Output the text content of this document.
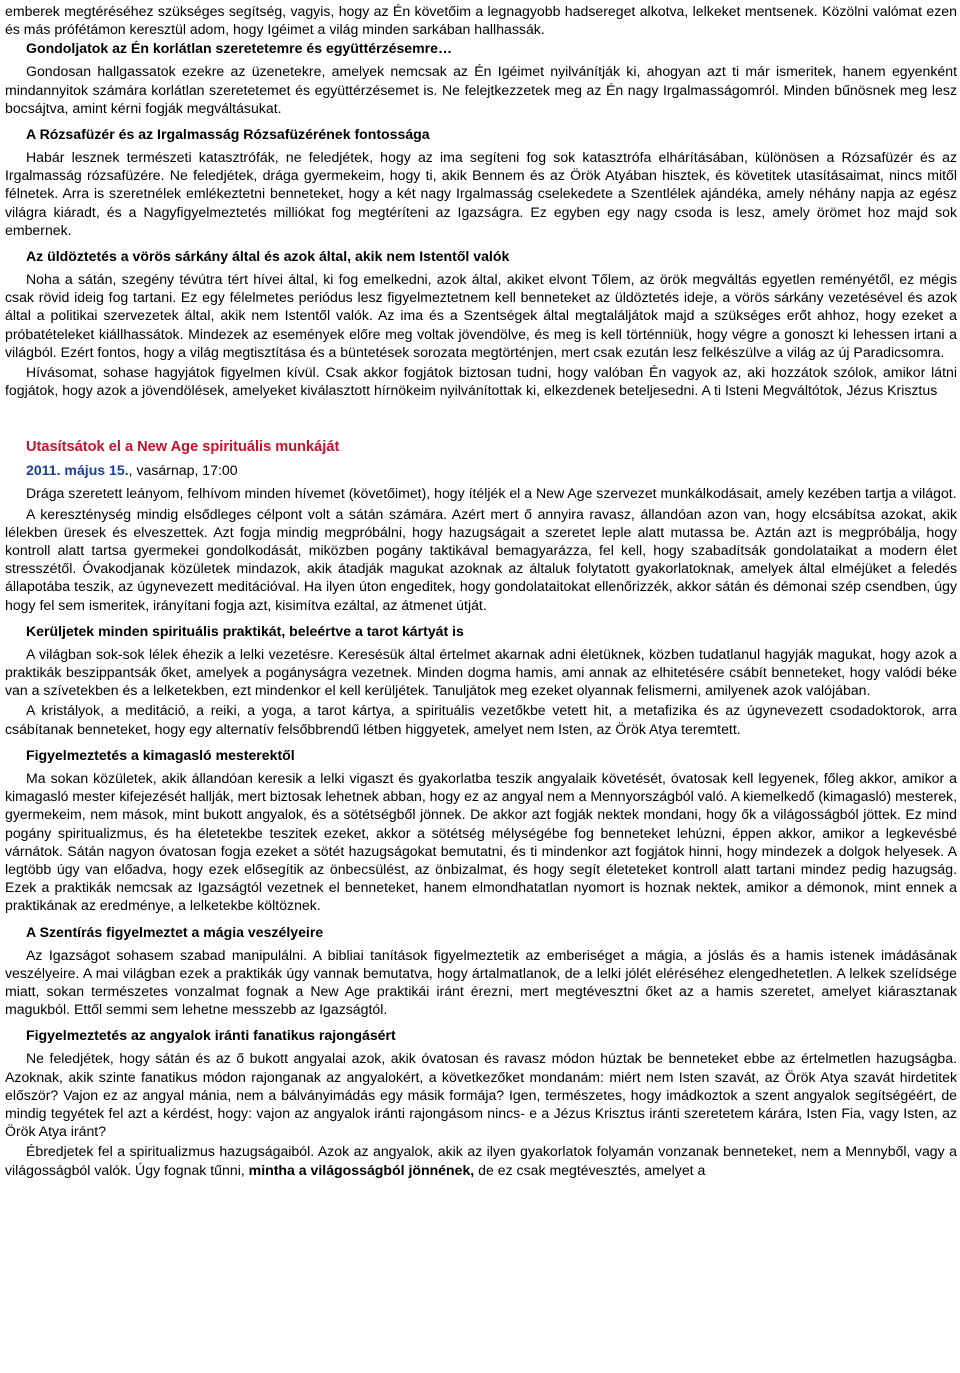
emberek megtéréséhez szükséges segítség, vagyis, hogy az Én követőim a legnagyobb hadsereget alkotva, lelkeket mentsenek. Közölni valómat ezen és más prófétámon keresztül adom, hogy Igéimet a világ minden sarkában hallhassák.

Gondoljatok az Én korlátlan szeretetemre és együttérzésemre…

Gondosan hallgassatok ezekre az üzenetekre, amelyek nemcsak az Én Igéimet nyilvánítják ki, ahogyan azt ti már ismeritek, hanem egyenként mindannyitok számára korlátlan szeretetemet és együttérzésemet is. Ne felejtkezzetek meg az Én nagy Irgalmasságomról. Minden bűnösnek meg lesz bocsájtva, amint kérni fogják megváltásukat.

A Rózsafüzér és az Irgalmasság Rózsafüzérének fontossága

Habár lesznek természeti katasztrófák, ne feledjétek, hogy az ima segíteni fog sok katasztrófa elhárításában, különösen a Rózsafüzér és az Irgalmasság rózsafüzére. Ne feledjétek, drága gyermekeim, hogy ti, akik Bennem és az Örök Atyában hisztek, és követitek utasításaimat, nincs mitől félnetek. Arra is szeretnélek emlékeztetni benneteket, hogy a két nagy Irgalmasság cselekedete a Szentlélek ajándéka, amely néhány napja az egész világra kiáradt, és a Nagyfigyelmeztetés milliókat fog megtéríteni az Igazságra. Ez egyben egy nagy csoda is lesz, amely örömet hoz majd sok embernek.

Az üldöztetés a vörös sárkány által és azok által, akik nem Istentől valók

Noha a sátán, szegény tévútra tért hívei által, ki fog emelkedni, azok által, akiket elvont Tőlem, az örök megváltás egyetlen reményétől, ez mégis csak rövid ideig fog tartani. Ez egy félelmetes periódus lesz figyelmeztetnem kell benneteket az üldöztetés ideje, a vörös sárkány vezetésével és azok által a politikai szervezetek által, akik nem Istentől valók. Az ima és a Szentségek által megtaláljátok majd a szükséges erőt ahhoz, hogy ezeket a próbatételeket kiállhassátok. Mindezek az események előre meg voltak jövendölve, és meg is kell történniük, hogy végre a gonoszt ki lehessen irtani a világból. Ezért fontos, hogy a világ megtisztítása és a büntetések sorozata megtörténjen, mert csak ezután lesz felkészülve a világ az új Paradicsomra.

Hívásomat, sohase hagyjátok figyelmen kívül. Csak akkor fogjátok biztosan tudni, hogy valóban Én vagyok az, aki hozzátok szólok, amikor látni fogjátok, hogy azok a jövendölések, amelyeket kiválasztott hírnökeim nyilvánítottak ki, elkezdenek beteljesedni. A ti Isteni Megváltótok, Jézus Krisztus

Utasítsátok el a New Age spirituális munkáját
2011. május 15., vasárnap, 17:00

Drága szeretett leányom, felhívom minden hívemet (követőimet), hogy ítéljék el a New Age szervezet munkálkodásait, amely kezében tartja a világot.

A kereszténység mindig elsődleges célpont volt a sátán számára. Azért mert ő annyira ravasz, állandóan azon van, hogy elcsábítsa azokat, akik lélekben üresek és elveszettek. Azt fogja mindig megpróbálni, hogy hazugságait a szeretet leple alatt mutassa be. Aztán azt is megpróbálja, hogy kontroll alatt tartsa gyermekei gondolkodását, miközben pogány taktikával bemagyarázza, fel kell, hogy szabadítsák gondolataikat a modern élet stresszétől. Óvakodjanak közületek mindazok, akik átadják magukat azoknak az általuk folytatott gyakorlatoknak, amelyek által elméjüket a feledés állapotába teszik, az úgynevezett meditációval. Ha ilyen úton engeditek, hogy gondolataitokat ellenőrizzék, akkor sátán és démonai szép csendben, úgy hogy fel sem ismeritek, irányítani fogja azt, kisimítva ezáltal, az átmenet útját.

Kerüljetek minden spirituális praktikát, beleértve a tarot kártyát is

A világban sok-sok lélek éhezik a lelki vezetésre. Keresésük által értelmet akarnak adni életüknek, közben tudatlanul hagyják magukat, hogy azok a praktikák beszippantsák őket, amelyek a pogányságra vezetnek. Minden dogma hamis, ami annak az elhitetésére csábít benneteket, hogy valódi béke van a szívetekben és a lelketekben, ezt mindenkor el kell kerüljétek. Tanuljátok meg ezeket olyannak felismerni, amilyenek azok valójában.

A kristályok, a meditáció, a reiki, a yoga, a tarot kártya, a spirituális vezetőkbe vetett hit, a metafizika és az úgynevezett csodadoktorok, arra csábítanak benneteket, hogy egy alternatív felsőbbrendű létben higgyetek, amelyet nem Isten, az Örök Atya teremtett.

Figyelmeztetés a kimagasló mesterektől

Ma sokan közületek, akik állandóan keresik a lelki vigaszt és gyakorlatba teszik angyalaik követését, óvatosak kell legyenek, főleg akkor, amikor a kimagasló mester kifejezését hallják, mert biztosak lehetnek abban, hogy ez az angyal nem a Mennyországból való. A kiemelkedő (kimagasló) mesterek, gyermekeim, nem mások, mint bukott angyalok, és a sötétségből jönnek. De akkor azt fogják nektek mondani, hogy ők a világosságból jöttek. Ez mind pogány spiritualizmus, és ha életetekbe teszitek ezeket, akkor a sötétség mélységébe fog benneteket lehúzni, éppen akkor, amikor a legkevésbé várnátok. Sátán nagyon óvatosan fogja ezeket a sötét hazugságokat bemutatni, és ti mindenkor azt fogjátok hinni, hogy mindezek a dolgok helyesek. A legtöbb úgy van előadva, hogy ezek elősegítik az önbecsülést, az önbizalmat, és hogy segít életeteket kontroll alatt tartani mindez pedig hazugság. Ezek a praktikák nemcsak az Igazságtól vezetnek el benneteket, hanem elmondhatatlan nyomort is hoznak nektek, amikor a démonok, mint ennek a praktikának az eredménye, a lelketekbe költöznek.

A Szentírás figyelmeztet a mágia veszélyeire

Az Igazságot sohasem szabad manipulálni. A bibliai tanítások figyelmeztetik az emberiséget a mágia, a jóslás és a hamis istenek imádásának veszélyeire. A mai világban ezek a praktikák úgy vannak bemutatva, hogy ártalmatlanok, de a lelki jólét eléréséhez elengedhetetlen. A lelkek szelídsége miatt, sokan természetes vonzalmat fognak a New Age praktikái iránt érezni, mert megtévesztni őket az a hamis szeretet, amelyet kiárasztanak magukból. Ettől semmi sem lehetne messzebb az Igazságtól.

Figyelmeztetés az angyalok iránti fanatikus rajongásért

Ne feledjétek, hogy sátán és az ő bukott angyalai azok, akik óvatosan és ravasz módon húztak be benneteket ebbe az értelmetlen hazugságba. Azoknak, akik szinte fanatikus módon rajonganak az angyalokért, a következőket mondanám: miért nem Isten szavát, az Örök Atya szavát hirdetitek először? Vajon ez az angyal mánia, nem a bálványimádás egy másik formája? Igen, természetes, hogy imádkoztok a szent angyalok segítségéért, de mindig tegyétek fel azt a kérdést, hogy: vajon az angyalok iránti rajongásom nincs- e a Jézus Krisztus iránti szeretetem kárára, Isten Fia, vagy Isten, az Örök Atya iránt?

Ébredjetek fel a spiritualizmus hazugságaiból. Azok az angyalok, akik az ilyen gyakorlatok folyamán vonzanak benneteket, nem a Mennyből, vagy a világosságból valók. Úgy fognak tűnni, mintha a világosságból jönnének, de ez csak megtévesztés, amelyet a
